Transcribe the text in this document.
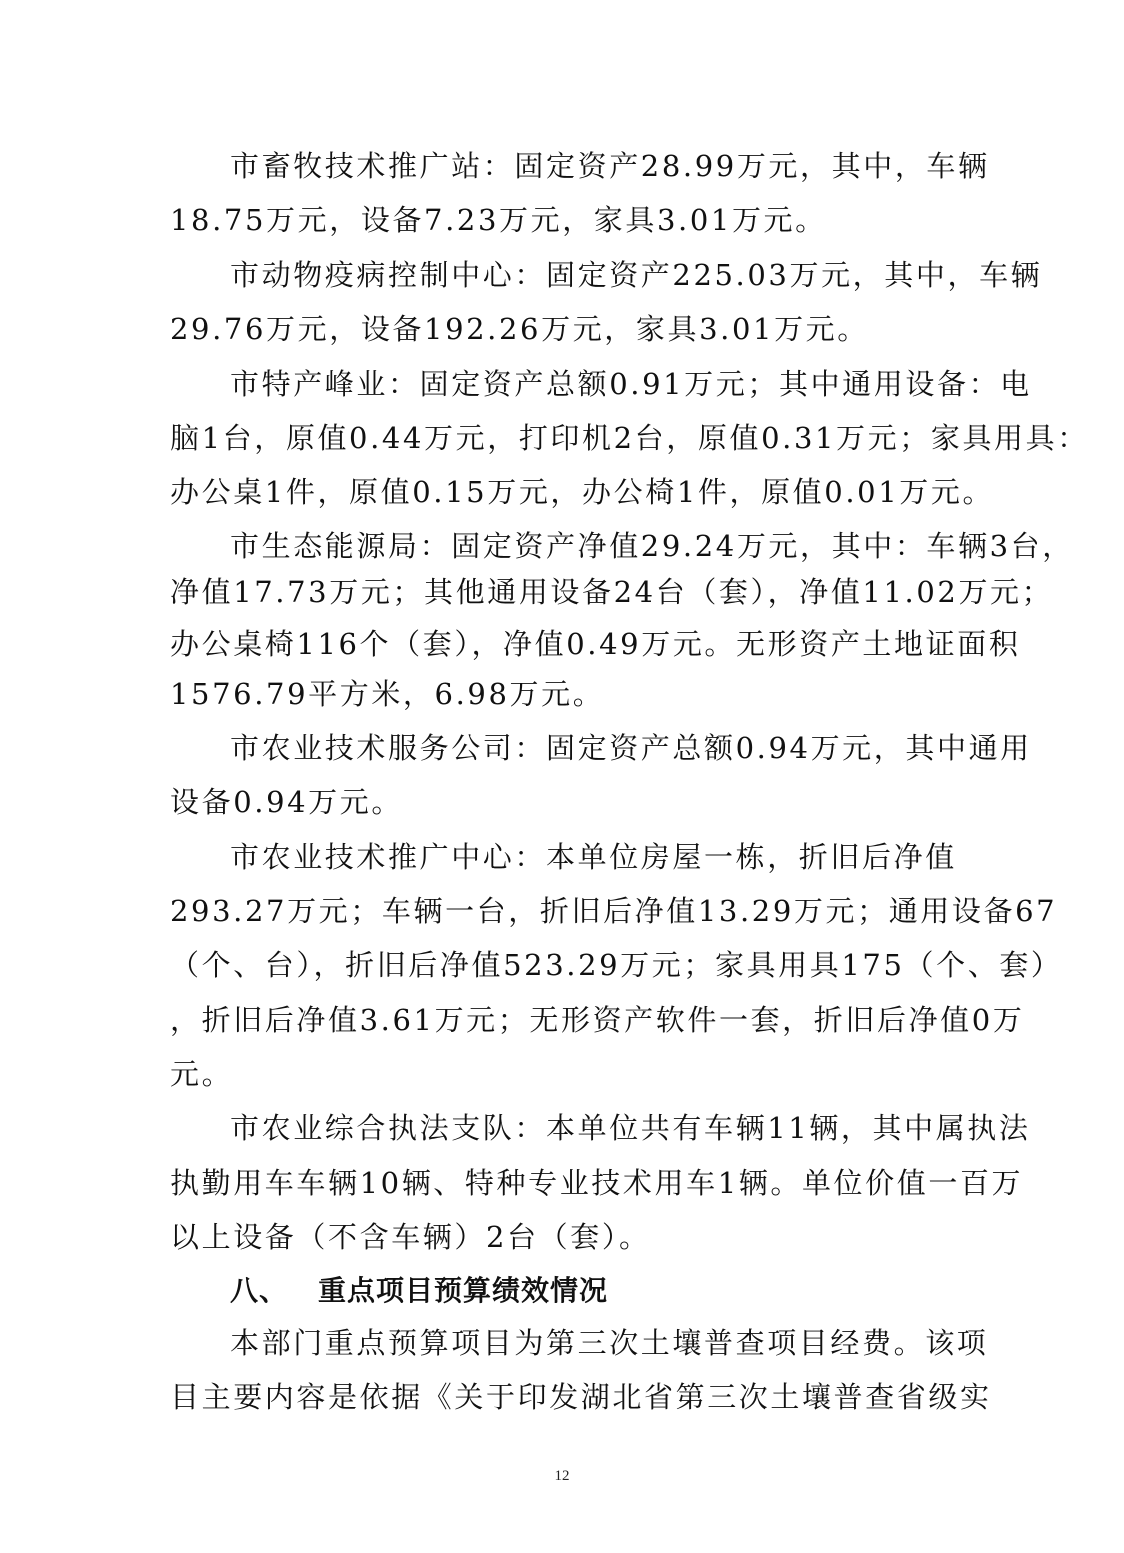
市畜牧技术推广站：固定资产28.99万元，其中，车辆
18.75万元，设备7.23万元，家具3.01万元。
市动物疫病控制中心：固定资产225.03万元，其中，车辆
29.76万元，设备192.26万元，家具3.01万元。
市特产峰业：固定资产总额0.91万元；其中通用设备：电
脑1台，原值0.44万元，打印机2台，原值0.31万元；家具用具：
办公桌1件，原值0.15万元，办公椅1件，原值0.01万元。
市生态能源局：固定资产净值29.24万元，其中：车辆3台，
净值17.73万元；其他通用设备24台（套），净值11.02万元；
办公桌椅116个（套），净值0.49万元。无形资产土地证面积
1576.79平方米，6.98万元。
市农业技术服务公司：固定资产总额0.94万元，其中通用
设备0.94万元。
市农业技术推广中心：本单位房屋一栋，折旧后净值
293.27万元；车辆一台，折旧后净值13.29万元；通用设备67
（个、台），折旧后净值523.29万元；家具用具175（个、套）
，折旧后净值3.61万元；无形资产软件一套，折旧后净值0万
元。
市农业综合执法支队：本单位共有车辆11辆，其中属执法
执勤用车车辆10辆、特种专业技术用车1辆。单位价值一百万
以上设备（不含车辆）2台（套）。
八、 重点项目预算绩效情况
本部门重点预算项目为第三次土壤普查项目经费。该项
目主要内容是依据《关于印发湖北省第三次土壤普查省级实
12
